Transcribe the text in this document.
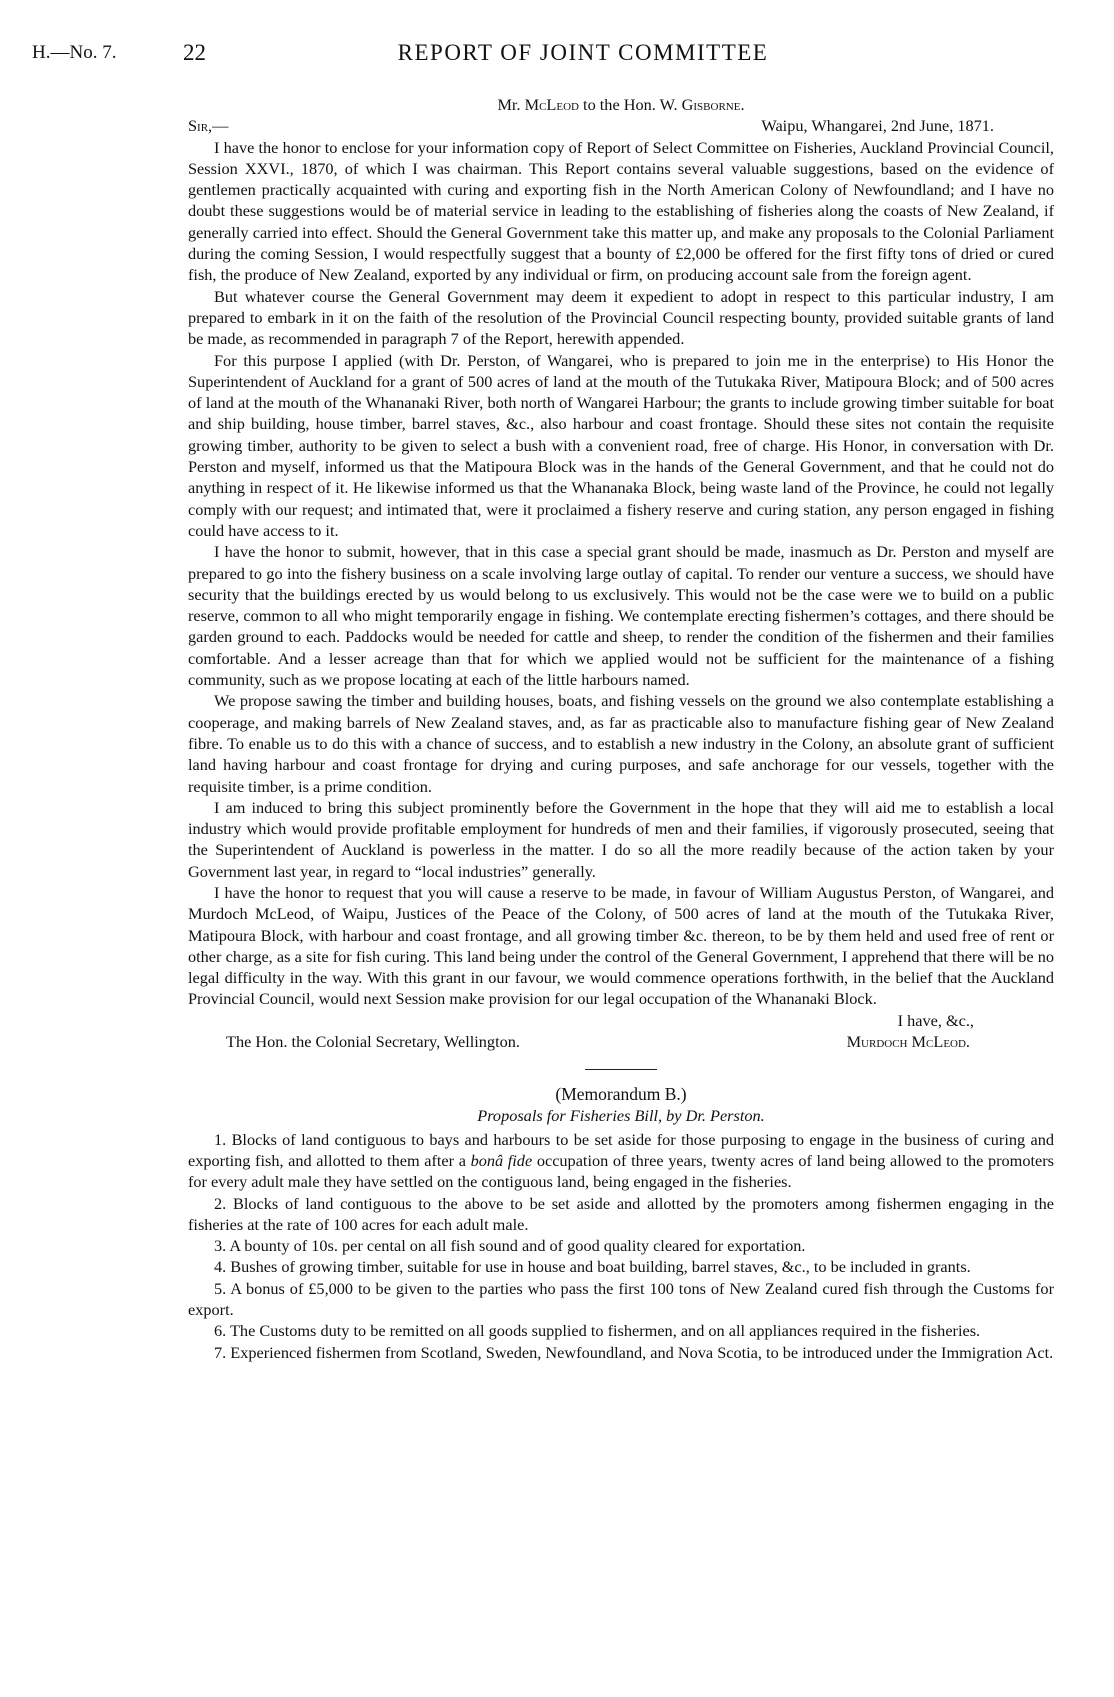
H.—No. 7.	22	REPORT OF JOINT COMMITTEE
Mr. McLeod to the Hon. W. Gisborne.
Sir,—	Waipu, Whangarei, 2nd June, 1871.

I have the honor to enclose for your information copy of Report of Select Committee on Fisheries, Auckland Provincial Council, Session XXVI., 1870, of which I was chairman. This Report contains several valuable suggestions, based on the evidence of gentlemen practically acquainted with curing and exporting fish in the North American Colony of Newfoundland; and I have no doubt these suggestions would be of material service in leading to the establishing of fisheries along the coasts of New Zealand, if generally carried into effect. Should the General Government take this matter up, and make any proposals to the Colonial Parliament during the coming Session, I would respectfully suggest that a bounty of £2,000 be offered for the first fifty tons of dried or cured fish, the produce of New Zealand, exported by any individual or firm, on producing account sale from the foreign agent.

But whatever course the General Government may deem it expedient to adopt in respect to this particular industry, I am prepared to embark in it on the faith of the resolution of the Provincial Council respecting bounty, provided suitable grants of land be made, as recommended in paragraph 7 of the Report, herewith appended.

For this purpose I applied (with Dr. Perston, of Wangarei, who is prepared to join me in the enterprise) to His Honor the Superintendent of Auckland for a grant of 500 acres of land at the mouth of the Tutukaka River, Matipoura Block; and of 500 acres of land at the mouth of the Whananaki River, both north of Wangarei Harbour; the grants to include growing timber suitable for boat and ship building, house timber, barrel staves, &c., also harbour and coast frontage. Should these sites not contain the requisite growing timber, authority to be given to select a bush with a convenient road, free of charge. His Honor, in conversation with Dr. Perston and myself, informed us that the Matipoura Block was in the hands of the General Government, and that he could not do anything in respect of it. He likewise informed us that the Whananaka Block, being waste land of the Province, he could not legally comply with our request; and intimated that, were it proclaimed a fishery reserve and curing station, any person engaged in fishing could have access to it.

I have the honor to submit, however, that in this case a special grant should be made, inasmuch as Dr. Perston and myself are prepared to go into the fishery business on a scale involving large outlay of capital. To render our venture a success, we should have security that the buildings erected by us would belong to us exclusively. This would not be the case were we to build on a public reserve, common to all who might temporarily engage in fishing. We contemplate erecting fishermen’s cottages, and there should be garden ground to each. Paddocks would be needed for cattle and sheep, to render the condition of the fishermen and their families comfortable. And a lesser acreage than that for which we applied would not be sufficient for the maintenance of a fishing community, such as we propose locating at each of the little harbours named.

We propose sawing the timber and building houses, boats, and fishing vessels on the ground we also contemplate establishing a cooperage, and making barrels of New Zealand staves, and, as far as practicable also to manufacture fishing gear of New Zealand fibre. To enable us to do this with a chance of success, and to establish a new industry in the Colony, an absolute grant of sufficient land having harbour and coast frontage for drying and curing purposes, and safe anchorage for our vessels, together with the requisite timber, is a prime condition.

I am induced to bring this subject prominently before the Government in the hope that they will aid me to establish a local industry which would provide profitable employment for hundreds of men and their families, if vigorously prosecuted, seeing that the Superintendent of Auckland is powerless in the matter. I do so all the more readily because of the action taken by your Government last year, in regard to “local industries” generally.

I have the honor to request that you will cause a reserve to be made, in favour of William Augustus Perston, of Wangarei, and Murdoch McLeod, of Waipu, Justices of the Peace of the Colony, of 500 acres of land at the mouth of the Tutukaka River, Matipoura Block, with harbour and coast frontage, and all growing timber &c. thereon, to be by them held and used free of rent or other charge, as a site for fish curing. This land being under the control of the General Government, I apprehend that there will be no legal difficulty in the way. With this grant in our favour, we would commence operations forthwith, in the belief that the Auckland Provincial Council, would next Session make provision for our legal occupation of the Whananaki Block.

I have, &c.,
The Hon. the Colonial Secretary, Wellington.	Murdoch McLeod.
(Memorandum B.)
Proposals for Fisheries Bill, by Dr. Perston.

1. Blocks of land contiguous to bays and harbours to be set aside for those purposing to engage in the business of curing and exporting fish, and allotted to them after a bonâ fide occupation of three years, twenty acres of land being allowed to the promoters for every adult male they have settled on the contiguous land, being engaged in the fisheries.

2. Blocks of land contiguous to the above to be set aside and allotted by the promoters among fishermen engaging in the fisheries at the rate of 100 acres for each adult male.

3. A bounty of 10s. per cental on all fish sound and of good quality cleared for exportation.

4. Bushes of growing timber, suitable for use in house and boat building, barrel staves, &c., to be included in grants.

5. A bonus of £5,000 to be given to the parties who pass the first 100 tons of New Zealand cured fish through the Customs for export.

6. The Customs duty to be remitted on all goods supplied to fishermen, and on all appliances required in the fisheries.

7. Experienced fishermen from Scotland, Sweden, Newfoundland, and Nova Scotia, to be introduced under the Immigration Act.
